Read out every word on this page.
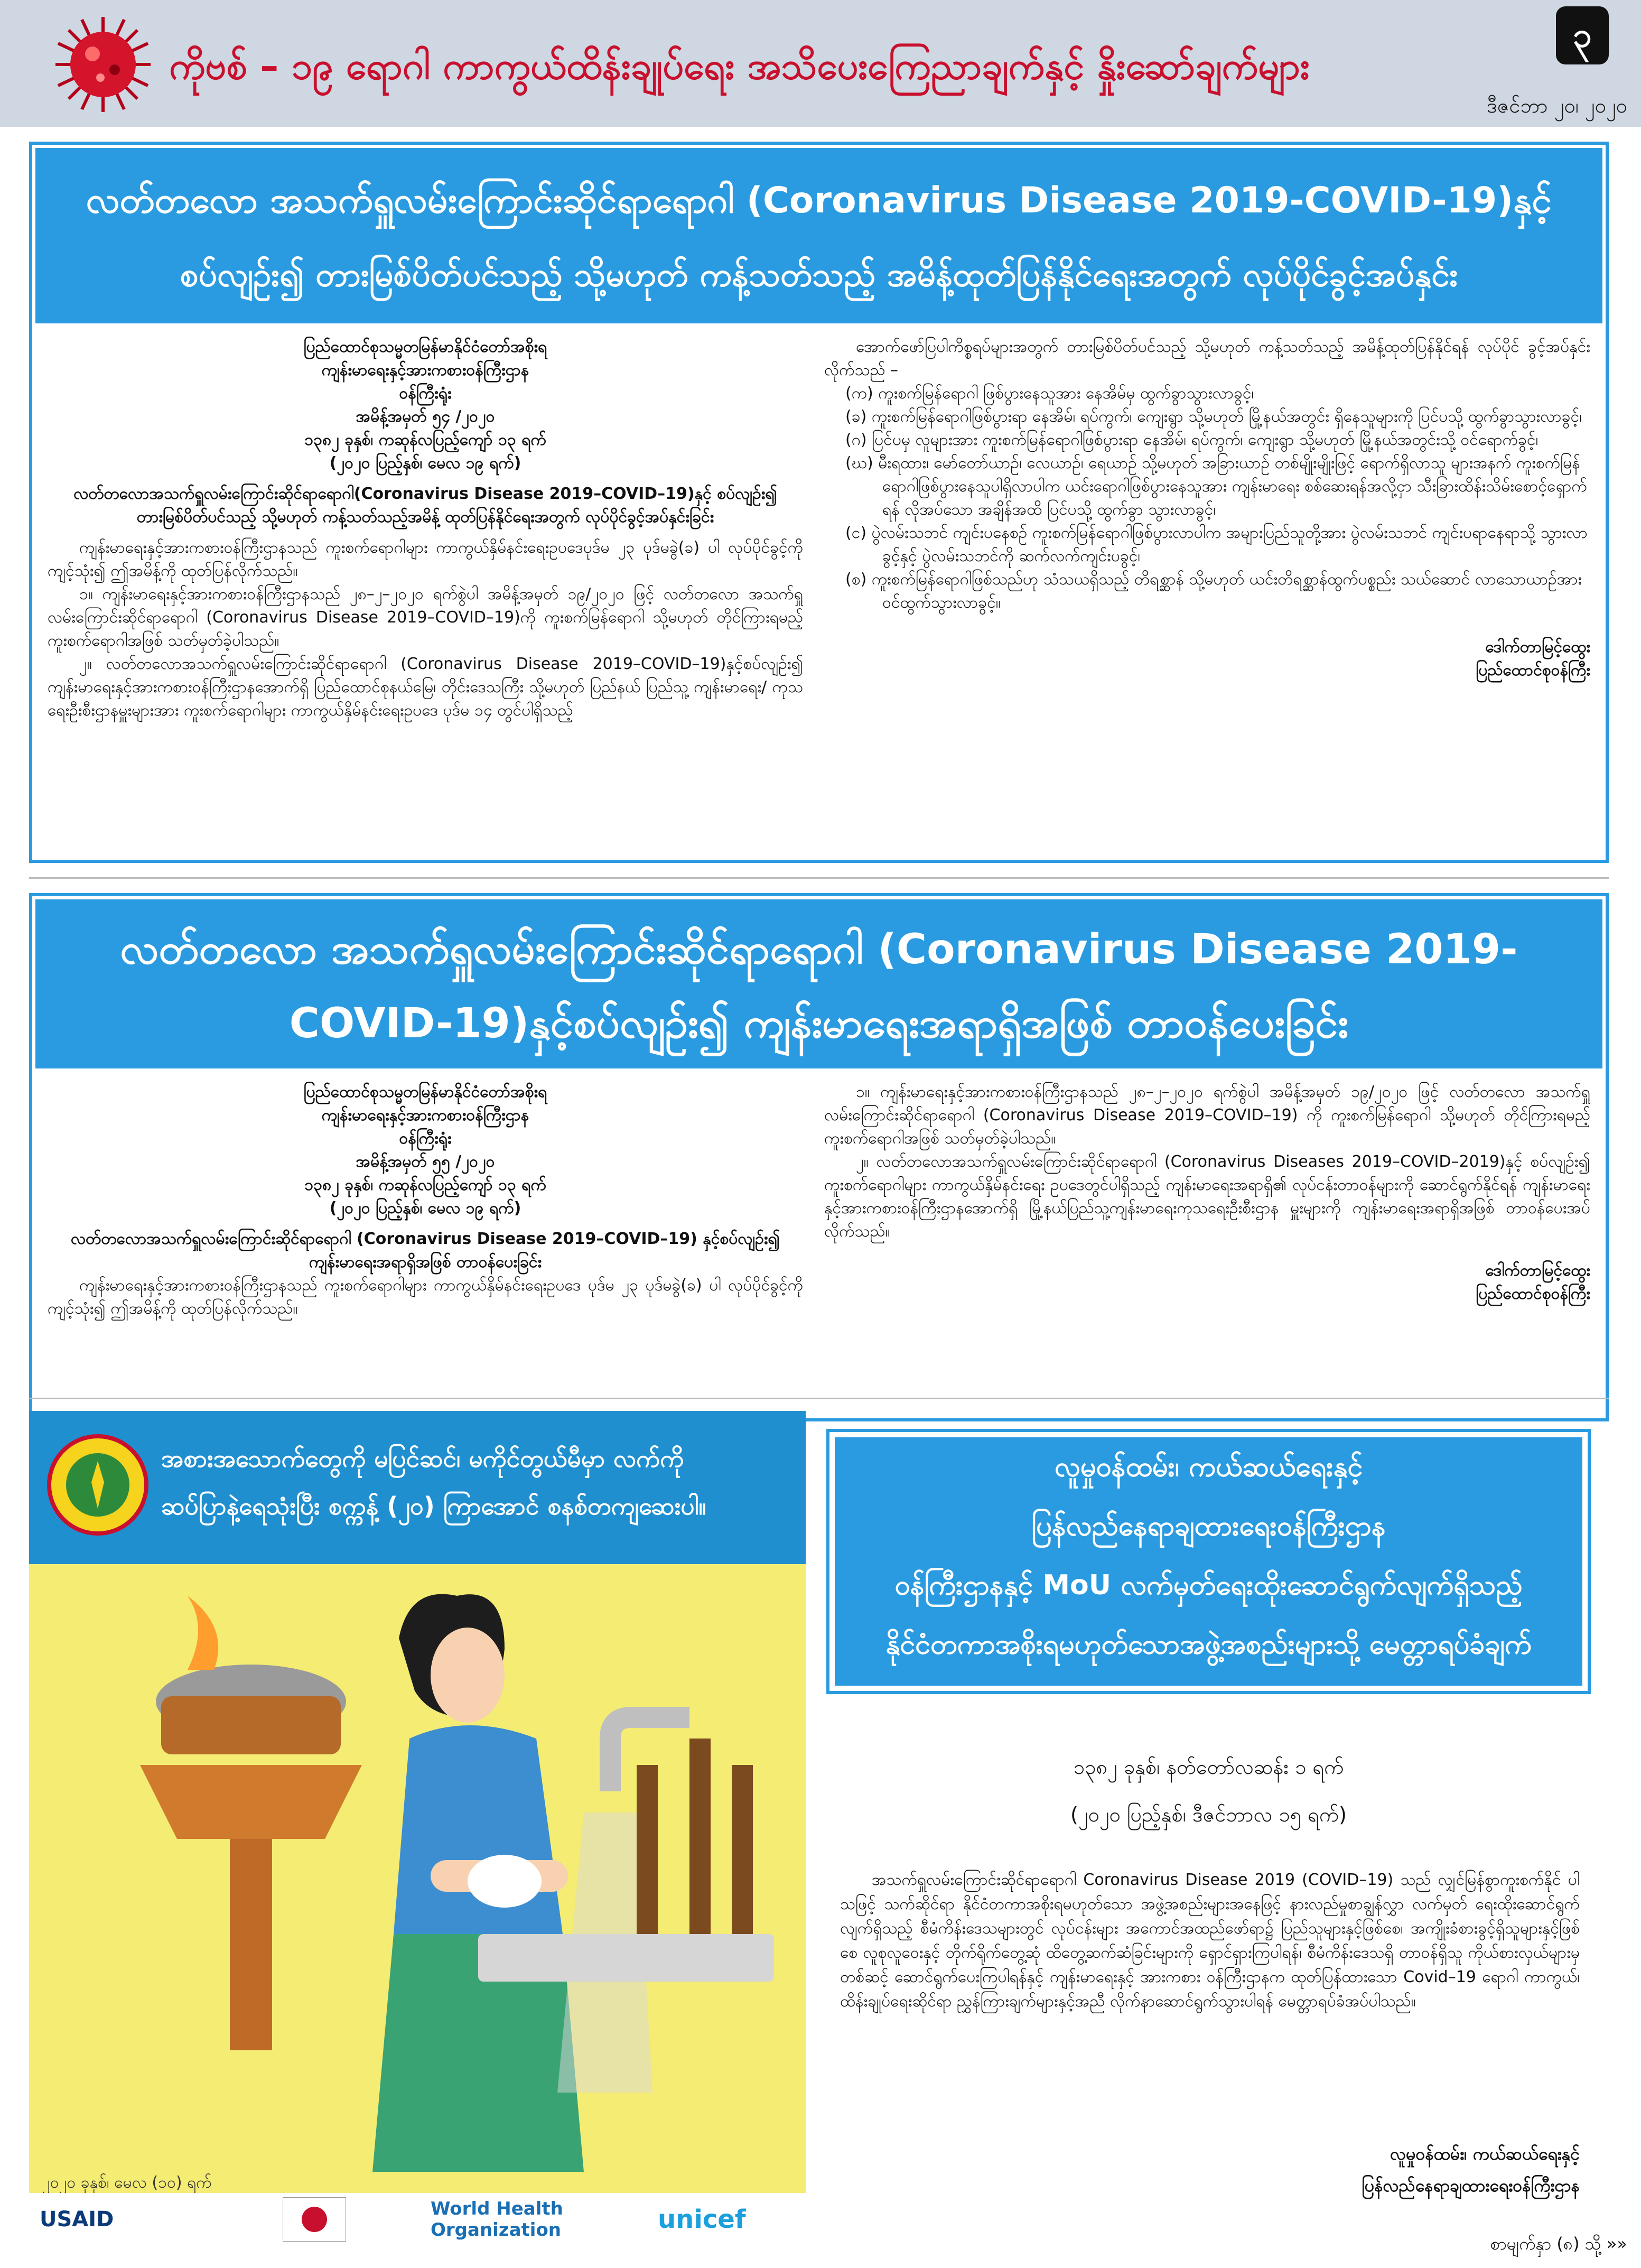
ကိုဗစ် – ၁၉ ရောဂါ ကာကွယ်ထိန်းချုပ်ရေး အသိပေးကြေညာချက်နှင့် နှိုးဆော်ချက်များ
၃
ဒီဇင်ဘာ ၂၀၊ ၂၀၂၀
လတ်တလော အသက်ရှူလမ်းကြောင်းဆိုင်ရာရောဂါ (Coronavirus Disease 2019-COVID-19)နှင့်
စပ်လျဉ်း၍ တားမြစ်ပိတ်ပင်သည့် သို့မဟုတ် ကန့်သတ်သည့် အမိန့်ထုတ်ပြန်နိုင်ရေးအတွက် လုပ်ပိုင်ခွင့်အပ်နှင်း
ပြည်ထောင်စုသမ္မတမြန်မာနိုင်ငံတော်အစိုးရ
ကျန်းမာရေးနှင့်အားကစားဝန်ကြီးဌာန
ဝန်ကြီးရုံး
အမိန့်အမှတ် ၅၄ /၂၀၂၀
၁၃၈၂ ခုနှစ်၊ ကဆုန်လပြည့်ကျော် ၁၃ ရက်
(၂၀၂၀ ပြည့်နှစ်၊ မေလ ၁၉ ရက်)
လတ်တလောအသက်ရှူလမ်းကြောင်းဆိုင်ရာရောဂါ(Coronavirus Disease 2019–COVID–19)နှင့် စပ်လျဉ်း၍ တားမြစ်ပိတ်ပင်သည့် သို့မဟုတ် ကန့်သတ်သည့်အမိန့် ထုတ်ပြန်နိုင်ရေးအတွက် လုပ်ပိုင်ခွင့်အပ်နှင်းခြင်း
ကျန်းမာရေးနှင့်အားကစားဝန်ကြီးဌာနသည် ကူးစက်ရောဂါများ ကာကွယ်နှိမ်နင်းရေးဥပဒေပုဒ်မ ၂၃ ပုဒ်မခွဲ(ခ) ပါ လုပ်ပိုင်ခွင့်ကို ကျင့်သုံး၍ ဤအမိန့်ကို ထုတ်ပြန်လိုက်သည်။
၁။ ကျန်းမာရေးနှင့်အားကစားဝန်ကြီးဌာနသည် ၂၈–၂–၂၀၂၀ ရက်စွဲပါ အမိန့်အမှတ် ၁၉/၂၀၂၀ ဖြင့် လတ်တလော အသက်ရှူလမ်းကြောင်းဆိုင်ရာရောဂါ (Coronavirus Disease 2019–COVID–19)ကို ကူးစက်မြန်ရောဂါ သို့မဟုတ် တိုင်ကြားရမည့် ကူးစက်ရောဂါအဖြစ် သတ်မှတ်ခဲ့ပါသည်။
၂။ လတ်တလောအသက်ရှူလမ်းကြောင်းဆိုင်ရာရောဂါ (Coronavirus Disease 2019–COVID–19)နှင့်စပ်လျဉ်း၍ ကျန်းမာရေးနှင့်အားကစားဝန်ကြီးဌာနအောက်ရှိ ပြည်ထောင်စုနယ်မြေ၊ တိုင်းဒေသကြီး သို့မဟုတ် ပြည်နယ် ပြည်သူ့ ကျန်းမာရေး/ ကုသရေးဦးစီးဌာနမှူးများအား ကူးစက်ရောဂါများ ကာကွယ်နှိမ်နင်းရေးဥပဒေ ပုဒ်မ ၁၄ တွင်ပါရှိသည့်
အောက်ဖော်ပြပါကိစ္စရပ်များအတွက် တားမြစ်ပိတ်ပင်သည့် သို့မဟုတ် ကန့်သတ်သည့် အမိန့်ထုတ်ပြန်နိုင်ရန် လုပ်ပိုင် ခွင့်အပ်နှင်းလိုက်သည် –
(က) ကူးစက်မြန်ရောဂါ ဖြစ်ပွားနေသူအား နေအိမ်မှ ထွက်ခွာသွားလာခွင့်၊
(ခ) ကူးစက်မြန်ရောဂါဖြစ်ပွားရာ နေအိမ်၊ ရပ်ကွက်၊ ကျေးရွာ သို့မဟုတ် မြို့နယ်အတွင်း ရှိနေသူများကို ပြင်ပသို့ ထွက်ခွာသွားလာခွင့်၊
(ဂ) ပြင်ပမှ လူများအား ကူးစက်မြန်ရောဂါဖြစ်ပွားရာ နေအိမ်၊ ရပ်ကွက်၊ ကျေးရွာ သို့မဟုတ် မြို့နယ်အတွင်းသို့ ဝင်ရောက်ခွင့်၊
(ဃ) မီးရထား၊ မော်တော်ယာဉ်၊ လေယာဉ်၊ ရေယာဉ် သို့မဟုတ် အခြားယာဉ် တစ်မျိုးမျိုးဖြင့် ရောက်ရှိလာသူ များအနက် ကူးစက်မြန်ရောဂါဖြစ်ပွားနေသူပါရှိလာပါက ယင်းရောဂါဖြစ်ပွားနေသူအား ကျန်းမာရေး စစ်ဆေးရန်အလို့ငှာ သီးခြားထိန်းသိမ်းစောင့်ရှောက်ရန် လိုအပ်သော အချိန်အထိ ပြင်ပသို့ ထွက်ခွာ သွားလာခွင့်၊
(င) ပွဲလမ်းသဘင် ကျင်းပနေစဉ် ကူးစက်မြန်ရောဂါဖြစ်ပွားလာပါက အများပြည်သူတို့အား ပွဲလမ်းသဘင် ကျင်းပရာနေရာသို့ သွားလာခွင့်နှင့် ပွဲလမ်းသဘင်ကို ဆက်လက်ကျင်းပခွင့်၊
(စ) ကူးစက်မြန်ရောဂါဖြစ်သည်ဟု သံသယရှိသည့် တိရစ္ဆာန် သို့မဟုတ် ယင်းတိရစ္ဆာန်ထွက်ပစ္စည်း သယ်ဆောင် လာသောယာဉ်အား ဝင်ထွက်သွားလာခွင့်။
ဒေါက်တာမြင့်ထွေး
ပြည်ထောင်စုဝန်ကြီး
လတ်တလော အသက်ရှူလမ်းကြောင်းဆိုင်ရာရောဂါ (Coronavirus Disease 2019-
COVID-19)နှင့်စပ်လျဉ်း၍ ကျန်းမာရေးအရာရှိအဖြစ် တာဝန်ပေးခြင်း
ပြည်ထောင်စုသမ္မတမြန်မာနိုင်ငံတော်အစိုးရ
ကျန်းမာရေးနှင့်အားကစားဝန်ကြီးဌာန
ဝန်ကြီးရုံး
အမိန့်အမှတ် ၅၅ /၂၀၂၀
၁၃၈၂ ခုနှစ်၊ ကဆုန်လပြည့်ကျော် ၁၃ ရက်
(၂၀၂၀ ပြည့်နှစ်၊ မေလ ၁၉ ရက်)
လတ်တလောအသက်ရှူလမ်းကြောင်းဆိုင်ရာရောဂါ (Coronavirus Disease 2019–COVID–19) နှင့်စပ်လျဉ်း၍ ကျန်းမာရေးအရာရှိအဖြစ် တာဝန်ပေးခြင်း
ကျန်းမာရေးနှင့်အားကစားဝန်ကြီးဌာနသည် ကူးစက်ရောဂါများ ကာကွယ်နှိမ်နင်းရေးဥပဒေ ပုဒ်မ ၂၃ ပုဒ်မခွဲ(ခ) ပါ လုပ်ပိုင်ခွင့်ကိုကျင့်သုံး၍ ဤအမိန့်ကို ထုတ်ပြန်လိုက်သည်။
၁။ ကျန်းမာရေးနှင့်အားကစားဝန်ကြီးဌာနသည် ၂၈–၂–၂၀၂၀ ရက်စွဲပါ အမိန့်အမှတ် ၁၉/၂၀၂၀ ဖြင့် လတ်တလော အသက်ရှူလမ်းကြောင်းဆိုင်ရာရောဂါ (Coronavirus Disease 2019–COVID–19) ကို ကူးစက်မြန်ရောဂါ သို့မဟုတ် တိုင်ကြားရမည့် ကူးစက်ရောဂါအဖြစ် သတ်မှတ်ခဲ့ပါသည်။
၂။ လတ်တလောအသက်ရှူလမ်းကြောင်းဆိုင်ရာရောဂါ (Coronavirus Diseases 2019–COVID–2019)နှင့် စပ်လျဉ်း၍ ကူးစက်ရောဂါများ ကာကွယ်နှိမ်နင်းရေး ဥပဒေတွင်ပါရှိသည့် ကျန်းမာရေးအရာရှိ၏ လုပ်ငန်းတာဝန်များကို ဆောင်ရွက်နိုင်ရန် ကျန်းမာရေးနှင့်အားကစားဝန်ကြီးဌာနအောက်ရှိ မြို့နယ်ပြည်သူ့ကျန်းမာရေးကုသရေးဦးစီးဌာန မှူးများကို ကျန်းမာရေးအရာရှိအဖြစ် တာဝန်ပေးအပ်လိုက်သည်။
ဒေါက်တာမြင့်ထွေး
ပြည်ထောင်စုဝန်ကြီး
အစားအသောက်တွေကို မပြင်ဆင်၊ မကိုင်တွယ်မီမှာ လက်ကို
ဆပ်ပြာနဲ့ရေသုံးပြီး စက္ကန့် (၂၀) ကြာအောင် စနစ်တကျဆေးပါ။
၂၀၂၀ ခုနှစ်၊ မေလ (၁၀) ရက်
USAID	World Health Organization	unicef
လူမှုဝန်ထမ်း၊ ကယ်ဆယ်ရေးနှင့်
ပြန်လည်နေရာချထားရေးဝန်ကြီးဌာန
ဝန်ကြီးဌာနနှင့် MoU လက်မှတ်ရေးထိုးဆောင်ရွက်လျက်ရှိသည့်
နိုင်ငံတကာအစိုးရမဟုတ်သောအဖွဲ့အစည်းများသို့ မေတ္တာရပ်ခံချက်
၁၃၈၂ ခုနှစ်၊ နတ်တော်လဆန်း ၁ ရက်
(၂၀၂၀ ပြည့်နှစ်၊ ဒီဇင်ဘာလ ၁၅ ရက်)
အသက်ရှူလမ်းကြောင်းဆိုင်ရာရောဂါ Coronavirus Disease 2019 (COVID–19) သည် လျှင်မြန်စွာကူးစက်နိုင် ပါသဖြင့် သက်ဆိုင်ရာ နိုင်ငံတကာအစိုးရမဟုတ်သော အဖွဲ့အစည်းများအနေဖြင့် နားလည်မှုစာချွန်လွှာ လက်မှတ် ရေးထိုးဆောင်ရွက်လျက်ရှိသည့် စီမံကိန်းဒေသများတွင် လုပ်ငန်းများ အကောင်အထည်ဖော်ရာ၌ ပြည်သူများနှင့်ဖြစ်စေ၊ အကျိုးခံစားခွင့်ရှိသူများနှင့်ဖြစ်စေ လူစုလူဝေးနှင့် တိုက်ရိုက်တွေ့ဆုံ ထိတွေ့ဆက်ဆံခြင်းများကို ရှောင်ရှားကြပါရန်၊ စီမံကိန်းဒေသရှိ တာဝန်ရှိသူ ကိုယ်စားလှယ်များမှတစ်ဆင့် ဆောင်ရွက်ပေးကြပါရန်နှင့် ကျန်းမာရေးနှင့် အားကစား ဝန်ကြီးဌာနက ထုတ်ပြန်ထားသော Covid–19 ရောဂါ ကာကွယ်၊ ထိန်းချုပ်ရေးဆိုင်ရာ ညွှန်ကြားချက်များနှင့်အညီ လိုက်နာဆောင်ရွက်သွားပါရန် မေတ္တာရပ်ခံအပ်ပါသည်။
လူမှုဝန်ထမ်း၊ ကယ်ဆယ်ရေးနှင့်
ပြန်လည်နေရာချထားရေးဝန်ကြီးဌာန
စာမျက်နှာ (၈) သို့ »»
